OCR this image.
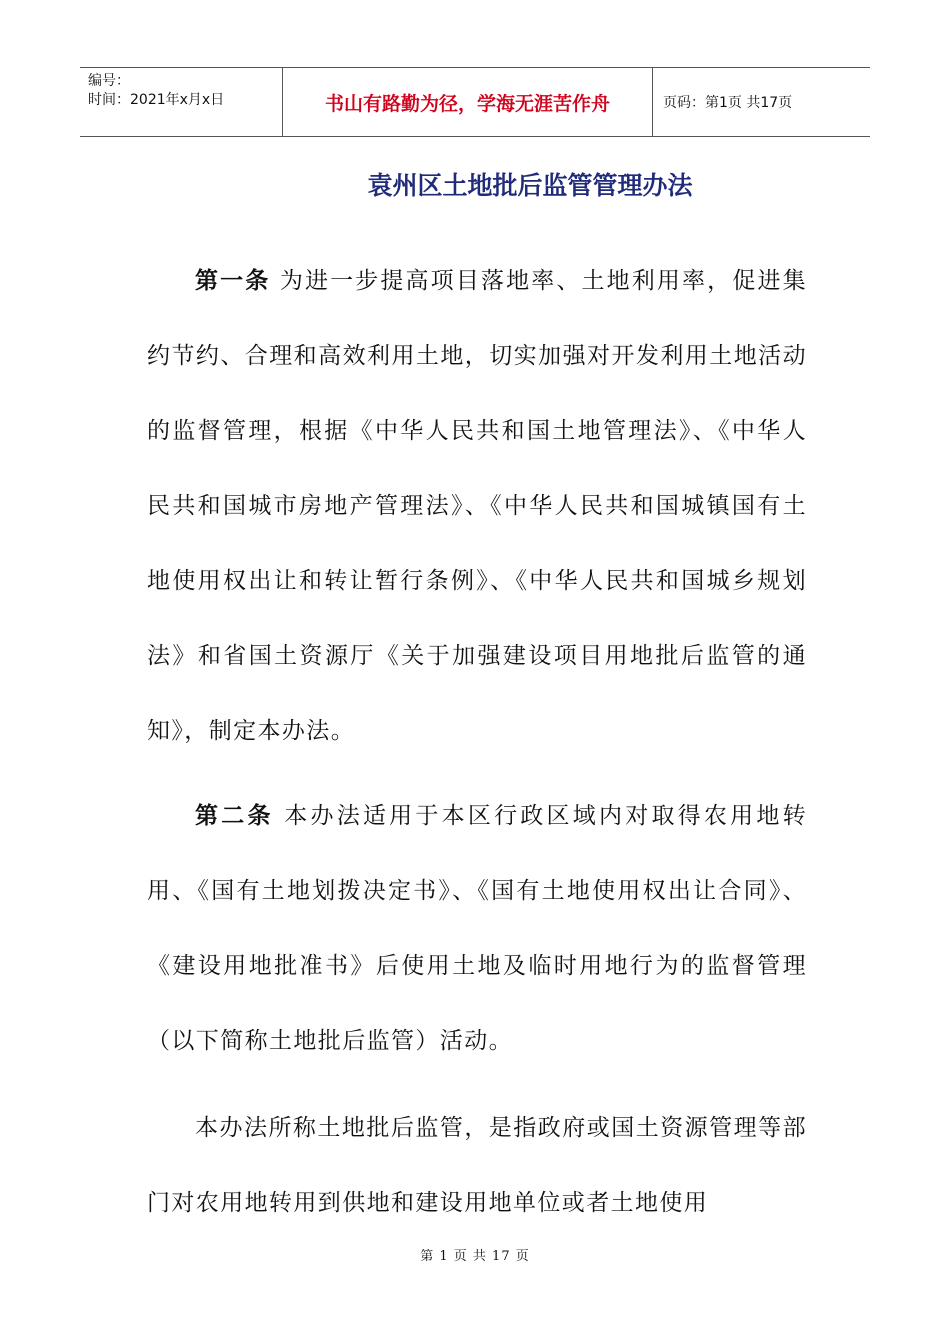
编号：
时间：2021年x月x日	书山有路勤为径，学海无涯苦作舟	页码：第1页 共17页
袁州区土地批后监管管理办法

第一条 为进一步提高项目落地率、土地利用率，促进集约节约、合理和高效利用土地，切实加强对开发利用土地活动的监督管理，根据《中华人民共和国土地管理法》、《中华人民共和国城市房地产管理法》、《中华人民共和国城镇国有土地使用权出让和转让暂行条例》、《中华人民共和国城乡规划法》和省国土资源厅《关于加强建设项目用地批后监管的通知》，制定本办法。

第二条 本办法适用于本区行政区域内对取得农用地转用、《国有土地划拨决定书》、《国有土地使用权出让合同》、《建设用地批准书》后使用土地及临时用地行为的监督管理（以下简称土地批后监管）活动。

本办法所称土地批后监管，是指政府或国土资源管理等部门对农用地转用到供地和建设用地单位或者土地使用

第 1 页 共 17 页
